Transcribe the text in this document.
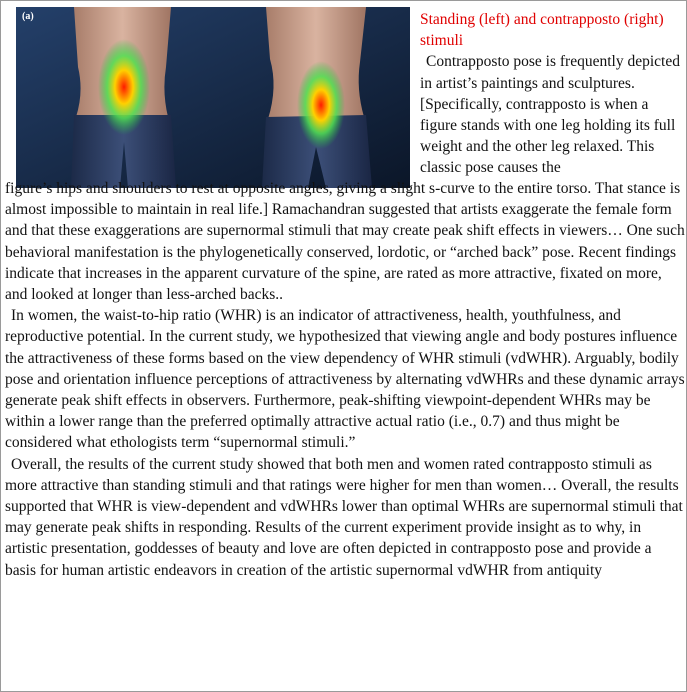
(a)	Standing (left) and contrapposto (right) stimuli

Contrapposto pose is frequently depicted in artist’s paintings and sculptures. [Specifically, contrapposto is when a figure stands with one leg holding its full weight and the other leg relaxed. This classic pose causes the

figure’s hips and shoulders to rest at opposite angles, giving a slight s-curve to the entire torso. That stance is almost impossible to maintain in real life.] Ramachandran suggested that artists exaggerate the female form and that these exaggerations are supernormal stimuli that may create peak shift effects in viewers… One such behavioral manifestation is the phylogenetically conserved, lordotic, or “arched back” pose. Recent findings indicate that increases in the apparent curvature of the spine, are rated as more attractive, fixated on more, and looked at longer than less-arched backs..

In women, the waist-to-hip ratio (WHR) is an indicator of attractiveness, health, youthfulness, and reproductive potential. In the current study, we hypothesized that viewing angle and body postures influence the attractiveness of these forms based on the view dependency of WHR stimuli (vdWHR). Arguably, bodily pose and orientation influence perceptions of attractiveness by alternating vdWHRs and these dynamic arrays generate peak shift effects in observers. Furthermore, peak-shifting viewpoint-dependent WHRs may be within a lower range than the preferred optimally attractive actual ratio (i.e., 0.7) and thus might be considered what ethologists term “supernormal stimuli.”

Overall, the results of the current study showed that both men and women rated contrapposto stimuli as more attractive than standing stimuli and that ratings were higher for men than women… Overall, the results supported that WHR is view-dependent and vdWHRs lower than optimal WHRs are supernormal stimuli that may generate peak shifts in responding. Results of the current experiment provide insight as to why, in artistic presentation, goddesses of beauty and love are often depicted in contrapposto pose and provide a basis for human artistic endeavors in creation of the artistic supernormal vdWHR from antiquity
